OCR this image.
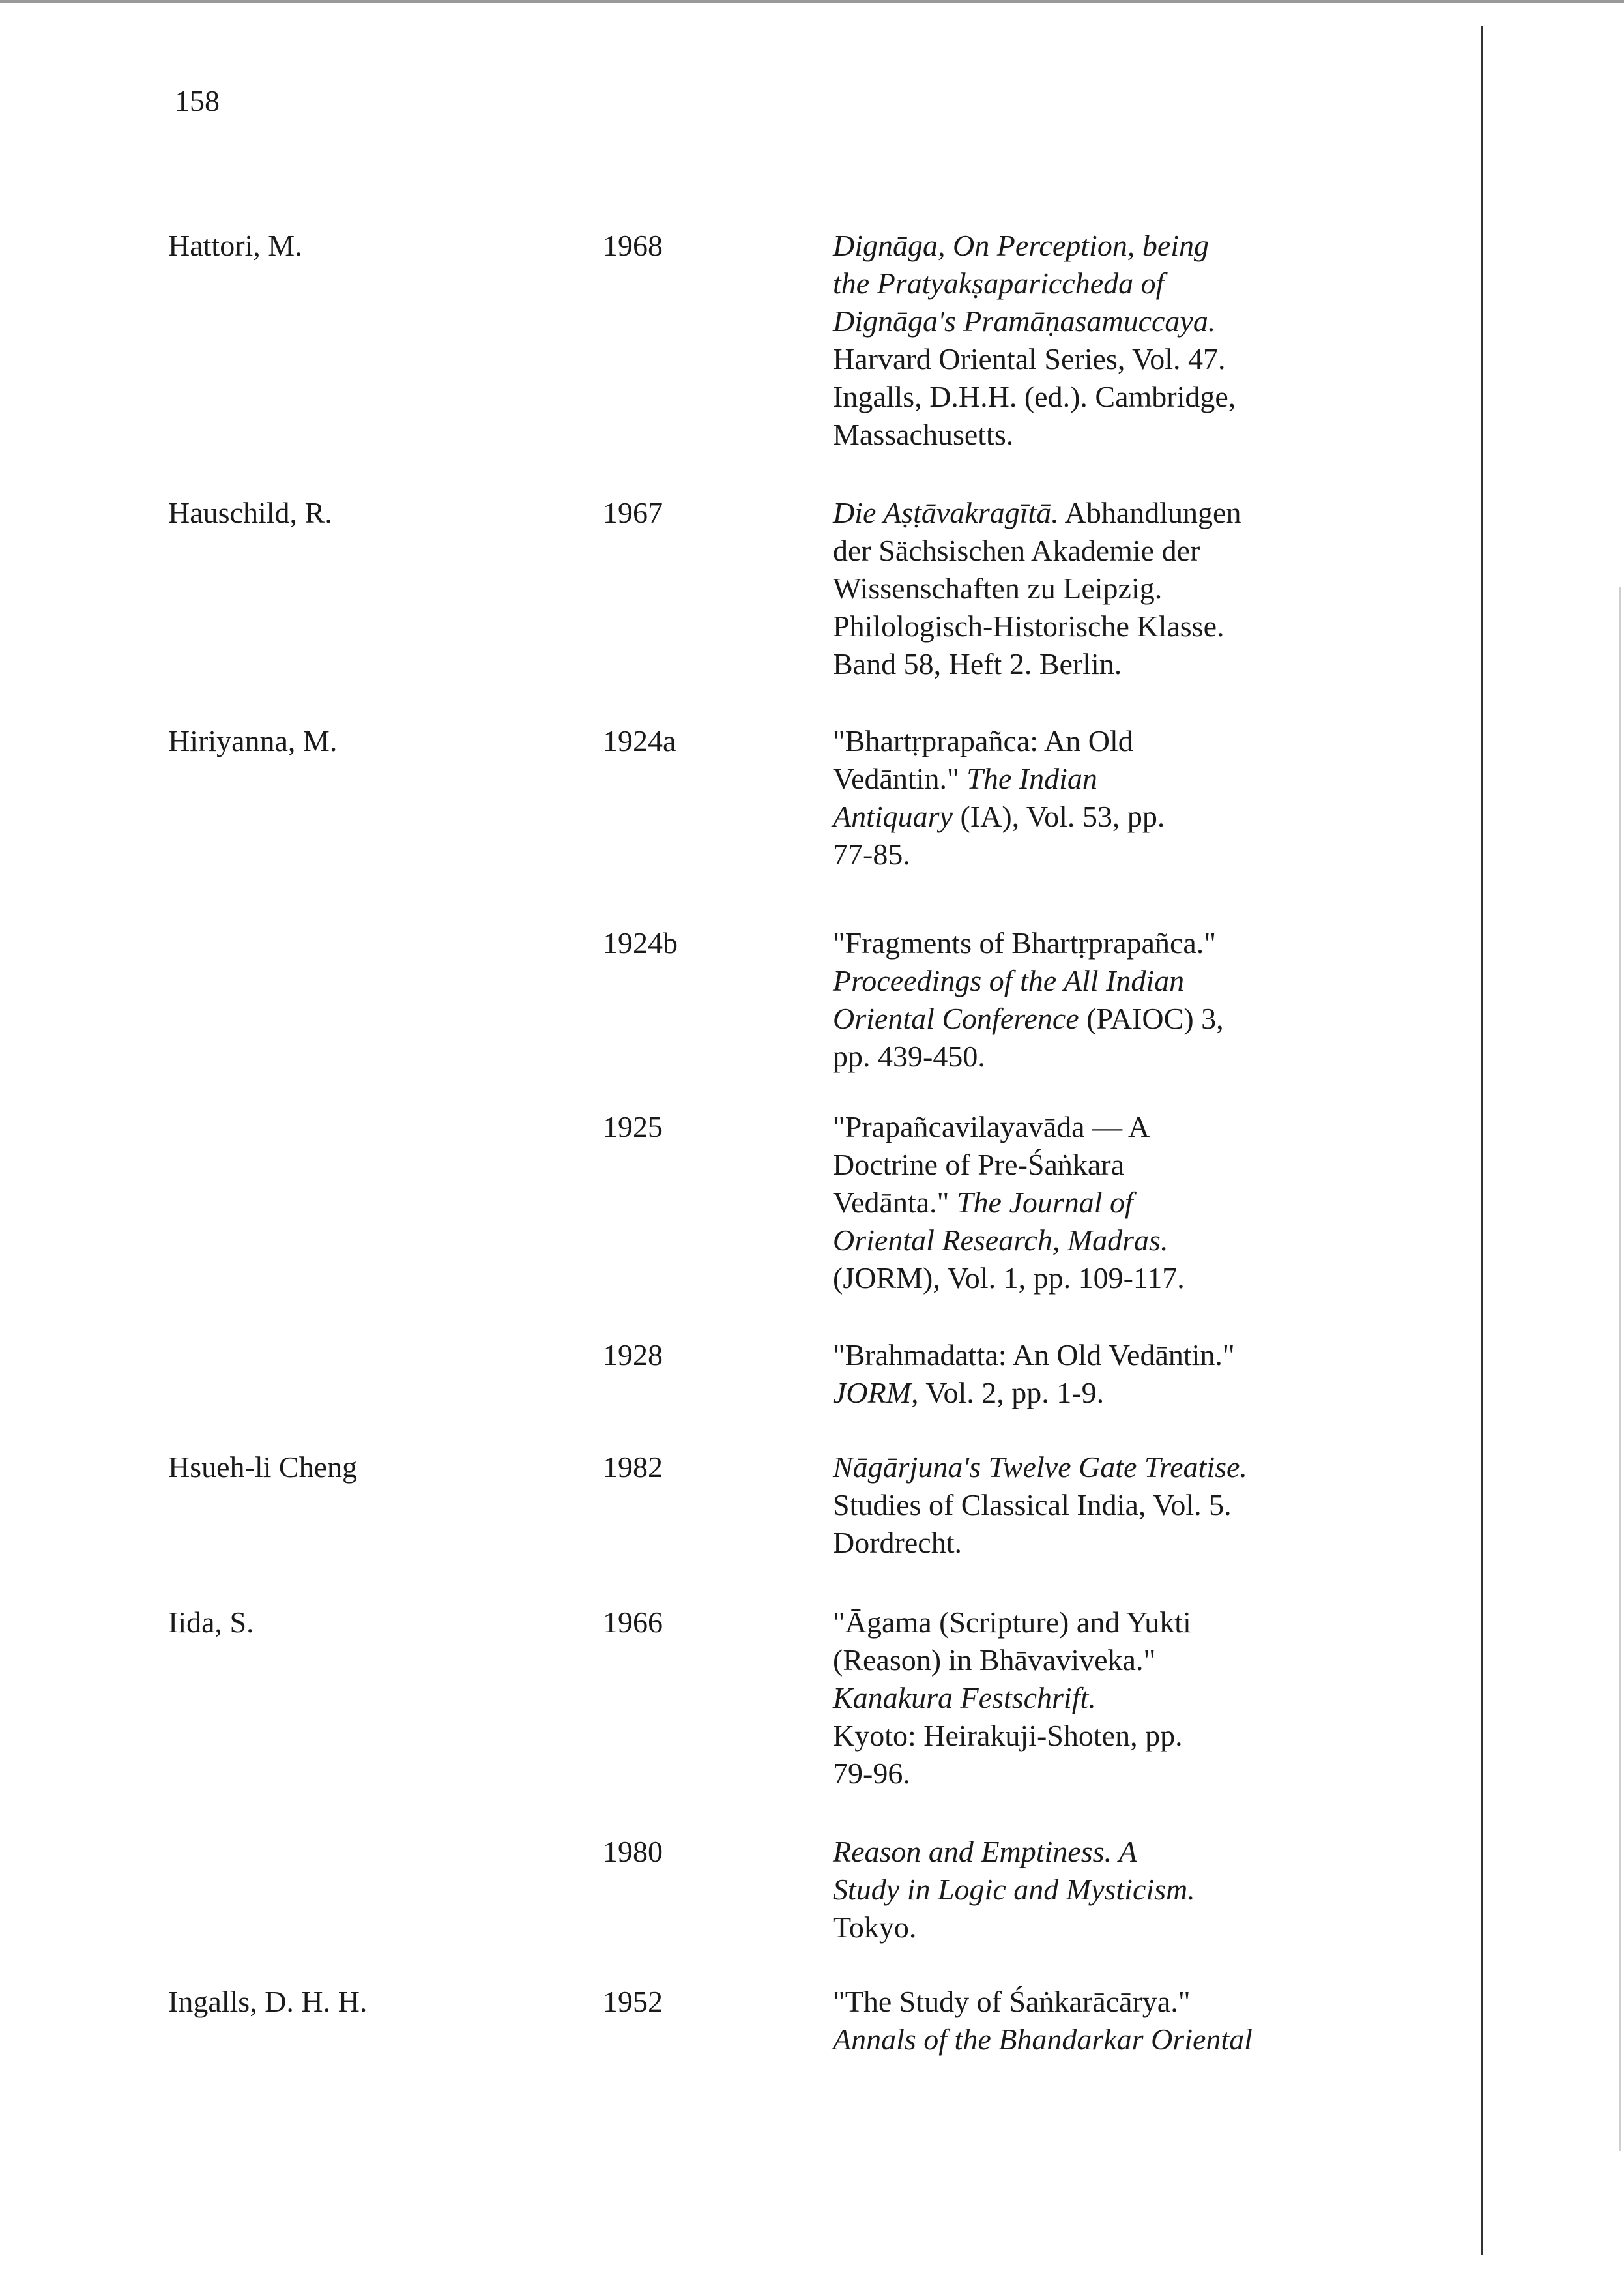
158
Hattori, M.	1968	Dignāga, On Perception, being
the Pratyakṣapariccheda of
Dignāga's Pramāṇasamuccaya.
Harvard Oriental Series, Vol. 47.
Ingalls, D.H.H. (ed.). Cambridge,
Massachusetts.
Hauschild, R.	1967	Die Aṣṭāvakragītā. Abhandlungen
der Sächsischen Akademie der
Wissenschaften zu Leipzig.
Philologisch-Historische Klasse.
Band 58, Heft 2. Berlin.
Hiriyanna, M.	1924a	"Bhartṛprapañca: An Old
Vedāntin." The Indian
Antiquary (IA), Vol. 53, pp.
77-85.
1924b	"Fragments of Bhartṛprapañca."
Proceedings of the All Indian
Oriental Conference (PAIOC) 3,
pp. 439-450.
1925	"Prapañcavilayavāda — A
Doctrine of Pre-Śaṅkara
Vedānta." The Journal of
Oriental Research, Madras.
(JORM), Vol. 1, pp. 109-117.
1928	"Brahmadatta: An Old Vedāntin."
JORM, Vol. 2, pp. 1-9.
Hsueh-li Cheng	1982	Nāgārjuna's Twelve Gate Treatise.
Studies of Classical India, Vol. 5.
Dordrecht.
Iida, S.	1966	"Āgama (Scripture) and Yukti
(Reason) in Bhāvaviveka."
Kanakura Festschrift.
Kyoto: Heirakuji-Shoten, pp.
79-96.
1980	Reason and Emptiness. A
Study in Logic and Mysticism.
Tokyo.
Ingalls, D. H. H.	1952	"The Study of Śaṅkarācārya."
Annals of the Bhandarkar Oriental
